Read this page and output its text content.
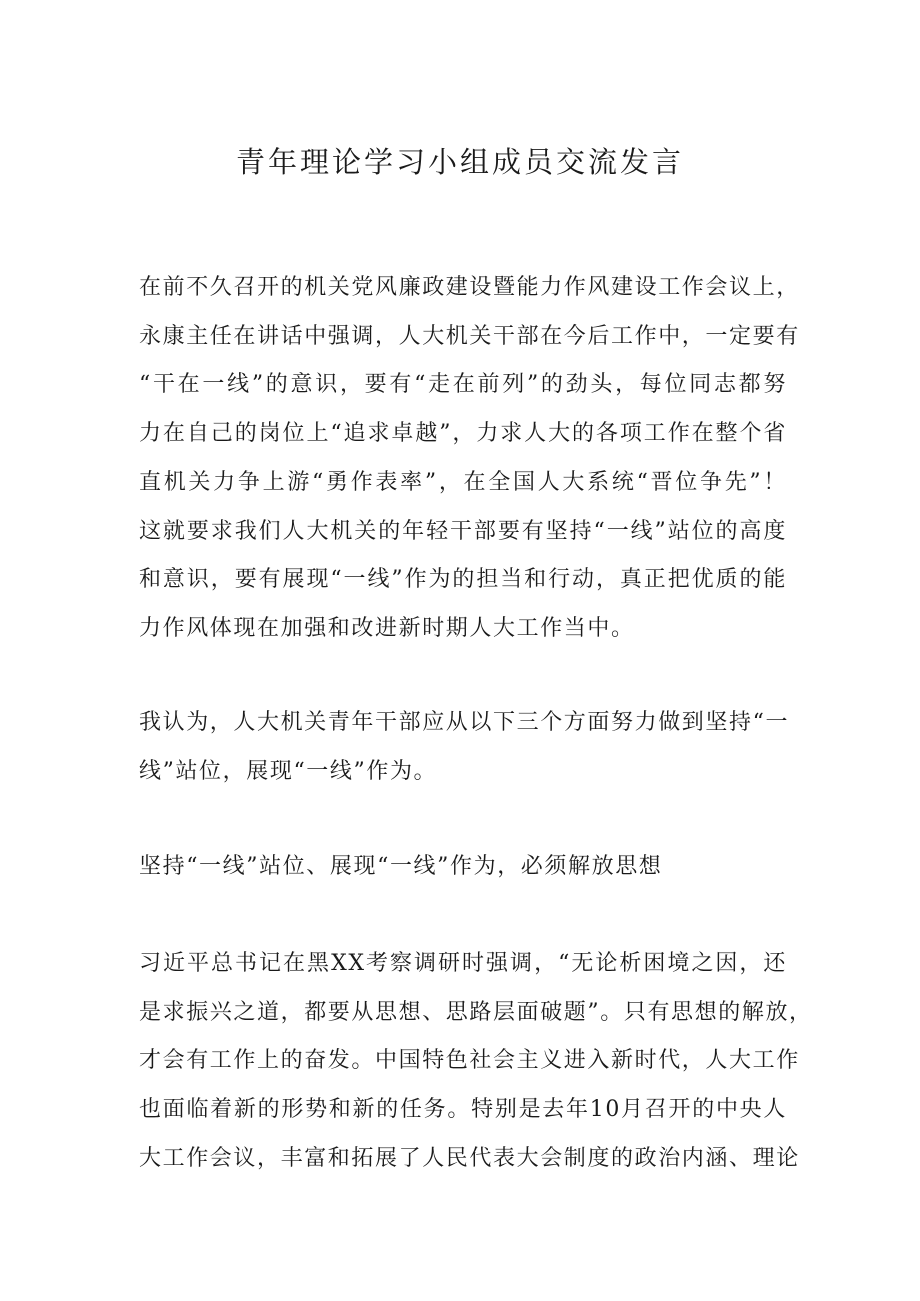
青年理论学习小组成员交流发言

在前不久召开的机关党风廉政建设暨能力作风建设工作会议上，
永康主任在讲话中强调，人大机关干部在今后工作中，一定要有
“干在一线”的意识，要有“走在前列”的劲头，每位同志都努
力在自己的岗位上“追求卓越”，力求人大的各项工作在整个省
直机关力争上游“勇作表率”，在全国人大系统“晋位争先”！
这就要求我们人大机关的年轻干部要有坚持“一线”站位的高度
和意识，要有展现“一线”作为的担当和行动，真正把优质的能
力作风体现在加强和改进新时期人大工作当中。

我认为，人大机关青年干部应从以下三个方面努力做到坚持“一
线”站位，展现“一线”作为。

坚持“一线”站位、展现“一线”作为，必须解放思想

习近平总书记在黑XX考察调研时强调，“无论析困境之因，还
是求振兴之道，都要从思想、思路层面破题”。只有思想的解放，
才会有工作上的奋发。中国特色社会主义进入新时代，人大工作
也面临着新的形势和新的任务。特别是去年10月召开的中央人
大工作会议，丰富和拓展了人民代表大会制度的政治内涵、理论
